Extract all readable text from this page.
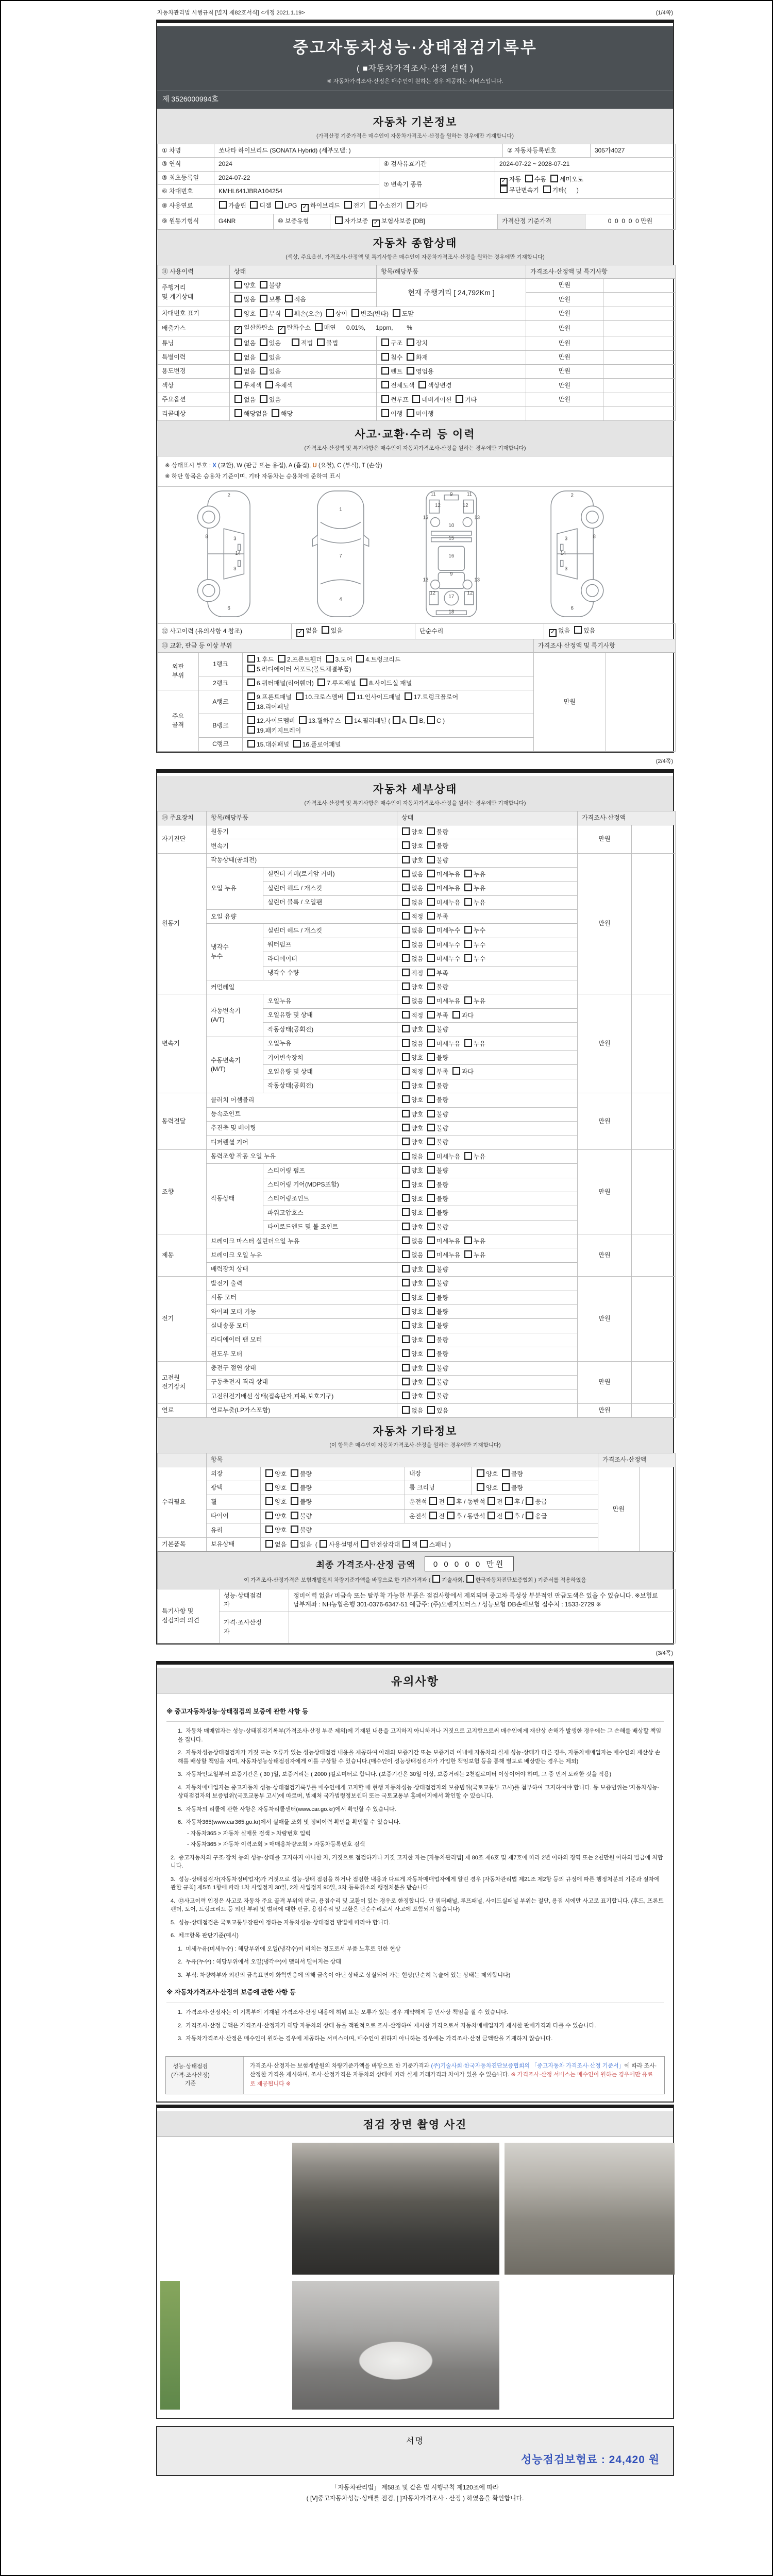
자동차관리법 시행규칙 [별지 제82호서식] <개정 2021.1.19>	(1/4쪽)
중고자동차성능·상태점검기록부
( ■자동차가격조사·산정 선택 )
※ 자동차가격조사·산정은 매수인이 원하는 경우 제공하는 서비스입니다.
제 3526000994호
자동차 기본정보
(가격산정 기준가격은 매수인이 자동차가격조사·산정을 원하는 경우에만 기재합니다)
① 차명	쏘나타 하이브리드 (SONATA Hybrid) (세부모델: )	② 자동차등록번호	305가4027
③ 연식	2024	④ 검사유효기간	2024-07-22 ~ 2028-07-21
⑤ 최초등록일	2024-07-22	⑦ 변속기 종류	✓ 자동  수동  세미오토
무단변속기  기타(      )
⑥ 차대번호	KMHL641JBRA104254		
⑧ 사용연료	가솔린  디젤  LPG  ✓ 하이브리드  전기  수소전기  기타		
⑨ 원동기형식	G4NR	⑩ 보증유형	자가보증  ✓ 보험사보증 [DB]	가격산정 기준가격	0  0  0  0  0 만원
자동차 종합상태
(색상, 주요옵션, 가격조사·산정액 및 특기사항은 매수인이 자동차가격조사·산정을 원하는 경우에만 기재합니다)
⑪ 사용이력	상태	항목/해당부품	가격조사·산정액 및 특기사항	
주행거리
및 계기상태	양호  불량	현재 주행거리 [ 24,792Km ]	만원	
	많음  보통  적음		만원	
차대번호 표기	양호  부식  훼손(오손)  상이  변조(변타)  도말		만원	
배출가스	✓ 일산화탄소  ✓ 탄화수소  매연      0.01%,      1ppm,        %		만원	
튜닝	없음  있음      적법  불법	구조  장치	만원	
특별이력	없음  있음	침수  화재	만원	
용도변경	없음  있음	렌트  영업용	만원	
색상	무채색  유채색	전체도색  색상변경	만원	
주요옵션	없음  있음	썬루프  네비게이션  기타	만원	
리콜대상	해당없음  해당	이행  미이행		
사고·교환·수리 등 이력
(가격조사·산정액 및 특기사항은 매수인이 자동차가격조사·산정을 원하는 경우에만 기재합니다)
※ 상태표시 부호 : X (교환), W (판금 또는 용접), A (흠집), U (요철), C (부식), T (손상)
※ 하단 항목은 승용차 기준이며, 기타 자동차는 승용차에 준하여 표시
2
8	3
14
3
6
1
7
4
11	9	11
12	12
13	13
10
15
16
13
9
13
12
17
12
18
2
8
3
14
3
6
⑫ 사고이력 (유의사항 4 참조)	✓ 없음  있음	단순수리	✓ 없음  있음
⑬ 교환, 판금 등 이상 부위			가격조사·산정액 및 특기사항	
외판
부위	1랭크	1.후드  2.프론트휀더  3.도어  4.트렁크리드
5.라디에이터 서포트(볼트체결부품)	만원	
	2랭크	6.쿼터패널(리어휀더)  7.루프패널  8.사이드실 패널		
주요
골격	A랭크	9.프론트패널  10.크로스멤버  11.인사이드패널  17.트렁크플로어
18.리어패널		
	B랭크	12.사이드멤버  13.휠하우스  14.필러패널 ( A, B, C )
19.패키지트레이		
	C랭크	15.대쉬패널  16.플로어패널		
(2/4쪽)
자동차 세부상태
(가격조사·산정액 및 특기사항은 매수인이 자동차가격조사·산정을 원하는 경우에만 기재합니다)
⑭ 주요장치	항목/해당부품		상태	가격조사·산정액	
자기진단	원동기		양호  불량	만원	
	변속기		양호  불량		
원동기	작동상태(공회전)		양호  불량	만원	
	오일 누유	실린더 커버(로커암 커버)	없음  미세누유  누유		
		실린더 헤드 / 개스킷	없음  미세누유  누유		
		실린더 블록 / 오일팬	없음  미세누유  누유		
	오일 유량		적정  부족		
	냉각수
누수	실린더 헤드 / 개스킷	없음  미세누수  누수		
		워터펌프	없음  미세누수  누수		
		라디에이터	없음  미세누수  누수		
		냉각수 수량	적정  부족		
	커먼레일		양호  불량		
변속기	자동변속기
(A/T)	오일누유	없음  미세누유  누유	만원	
		오일유량 및 상태	적정  부족  과다		
		작동상태(공회전)	양호  불량		
	수동변속기
(M/T)	오일누유	없음  미세누유  누유		
		기어변속장치	양호  불량		
		오일유량 및 상태	적정  부족  과다		
		작동상태(공회전)	양호  불량		
동력전달	클러치 어셈블리		양호  불량	만원	
	등속조인트		양호  불량		
	추진축 및 베어링		양호  불량		
	디퍼렌셜 기어		양호  불량		
조향	동력조향 작동 오일 누유		없음  미세누유  누유	만원	
	작동상태	스티어링 펌프	양호  불량		
		스티어링 기어(MDPS포함)	양호  불량		
		스티어링조인트	양호  불량		
		파워고압호스	양호  불량		
		타이로드엔드 및 볼 조인트	양호  불량		
제동	브레이크 마스터 실린더오일 누유		없음  미세누유  누유	만원	
	브레이크 오일 누유		없음  미세누유  누유		
	배력장치 상태		양호  불량		
전기	발전기 출력		양호  불량	만원	
	시동 모터		양호  불량		
	와이퍼 모터 기능		양호  불량		
	실내송풍 모터		양호  불량		
	라디에이터 팬 모터		양호  불량		
	윈도우 모터		양호  불량		
고전원
전기장치	충전구 절연 상태		양호  불량	만원	
	구동축전지 격리 상태		양호  불량		
	고전원전기배선 상태(접속단자,피복,보호기구)		양호  불량		
연료	연료누출(LP가스포함)		없음  있음	만원	
자동차 기타정보
(이 항목은 매수인이 자동차가격조사·산정을 원하는 경우에만 기재합니다)
	항목				가격조사·산정액	
수리필요	외장	양호  불량	내장	양호  불량	만원	
	광택	양호  불량	룸 크리닝	양호  불량		
	휠	양호  불량	운전석 전 후 / 동반석 전 후 / 응급			
	타이어	양호  불량	운전석 전 후 / 동반석 전 후 / 응급			
	유리	양호  불량				
기본품목	보유상태	없음  있음  ( 사용설명서 안전삼각대 잭 스패너 )				
최종 가격조사·산정 금액	0 0 0 0 0 만원
이 가격조사·산정가격은 보험개발원의 차량기준가액을 바탕으로 한 기준가격과 ( 기술사회, 한국자동차진단보증협회 ) 기준서를 적용하였음
특기사항 및
점검자의 의견	성능·상태점검
자	정비이력 없음/ 비금속 또는 탈부착 가능한 부품은 점검사항에서 제외되며 중고차 특성상 부분적인 판금도색은 있을 수 있습니다. ※보험료 납부계좌 : NH농협은행 301-0376-6347-51 예금주: (주)오렌지모터스 / 성능보험 DB손해보험 접수처 : 1533-2729 ※
	가격·조사산정
자	
(3/4쪽)
유의사항
※ 중고자동차성능·상태점검의 보증에 관한 사항 등
1.  자동차 매매업자는 성능·상태점검기록부(가격조사·산정 부분 제외)에 기재된 내용을 고지하지 아니하거나 거짓으로 고지함으로써 매수인에게 재산상 손해가 발생한 경우에는 그 손해를 배상할 책임을 집니다.
2.  자동차성능상태점검자가 거짓 또는 오류가 있는 성능상태점검 내용을 제공하여 아래의 보증기간 또는 보증거리 이내에 자동차의 실제 성능·상태가 다른 경우, 자동차매매업자는 매수인의 재산상 손해를 배상할 책임을 지며, 자동차성능상태점검자에게 이를 구상할 수 있습니다.(매수인이 성능상태점검자가 가입한 책임보험 등을 통해 별도로 배상받는 경우는 제외)
3.  자동차인도일부터 보증기간은 ( 30 )일, 보증거리는 ( 2000 )킬로미터로 합니다. (보증기간은 30일 이상, 보증거리는 2천킬로미터 이상이어야 하며, 그 중 먼저 도래한 것을 적용)
4.  자동차매매업자는 중고자동차 성능·상태점검기록부를 매수인에게 고지할 때 현행 자동차성능·상태점검자의 보증범위(국토교통부 고시)를 첨부하여 고지하여야 합니다. 동 보증범위는 '자동차성능·상태점검자의 보증범위'(국토교통부 고시)에 따르며, 법제처 국가법령정보센터 또는 국토교통부 홈페이지에서 확인할 수 있습니다.
5.  자동차의 리콜에 관한 사항은 자동차리콜센터(www.car.go.kr)에서 확인할 수 있습니다.
6.  자동차365(www.car365.go.kr)에서 실매물 조회 및 정비이력 확인을 확인할 수 있습니다.
- 자동차365 > 자동차 실매물 검색 > 차량번호 입력
- 자동차365 > 자동차 이력조회 > 매매용차량조회 > 자동차등록번호 검색
2.  중고자동차의 구조·장치 등의 성능·상태를 고지하지 아니한 자, 거짓으로 점검하거나 거짓 고지한 자는 [자동차관리법] 제 80조 제6호 및 제7호에 따라 2년 이하의 징역 또는 2천만원 이하의 벌금에 처합니다.
3.  성능·상태점검자(자동차정비업자)가 거짓으로 성능·상태 점검을 하거나 점검한 내용과 다르게 자동차매매업자에게 알린 경우 [자동차관리법 제21조 제2항 등의 규정에 따른 행정처분의 기준과 절차에 관한 규칙] 제5조 1항에 따라 1차 사업정지 30일, 2차 사업정지 90일, 3차 등록취소의 행정처분을 받습니다.
4.  ⑫사고이력 인정은 사고로 자동차 주요 골격 부위의 판금, 용접수리 및 교환이 있는 경우로 한정합니다. 단 쿼터패널, 루프패널, 사이드실패널 부위는 절단, 용접 시에만 사고로 표기합니다. (후드, 프론트펜더, 도어, 트렁크리드 등 외판 부위 및 범퍼에 대한 판금, 용접수리 및 교환은 단순수리로서 사고에 포함되지 않습니다)
5.  성능·상태점검은 국토교통부장관이 정하는 자동차성능·상태점검 방법에 따라야 합니다.
6.  체크항목 판단기준(예시)
1.  미세누유(미세누수) : 해당부위에 오일(냉각수)이 비치는 정도로서 부품 노후로 인한 현상
2.  누유(누수) : 해당부위에서 오일(냉각수)이 맺혀서 떨어지는 상태
3.  부식: 차량하부와 외판의 금속표면이 화학반응에 의해 금속이 아닌 상태로 상실되어 가는 현상(단순히 녹슬어 있는 상태는 제외합니다)
※ 자동차가격조사·산정의 보증에 관한 사항 등
1.  가격조사·산정자는 이 기록부에 기재된 가격조사·산정 내용에 허위 또는 오류가 있는 경우 계약해제 등 민사상 책임을 질 수 있습니다.
2.  가격조사·산정 금액은 가격조사·산정자가 해당 자동차의 상태 등을 객관적으로 조사·산정하여 제시한 가격으로서 자동차매매업자가 제시한 판매가격과 다를 수 있습니다.
3.  자동차가격조사·산정은 매수인이 원하는 경우에 제공하는 서비스이며, 매수인이 원하지 아니하는 경우에는 가격조사·산정 금액란을 기재하지 않습니다.
성능·상태점검
(가격·조사산정)
기준
가격조사·산정자는 보험개발원의 차량기준가액을 바탕으로 한 기준가격과 (주)기술사회·한국자동차진단보증협회의 「중고자동차 가격조사·산정 기준서」에 따라 조사·산정한 가격을 제시하며, 조사·산정가격은 자동차의 상태에 따라 실제 거래가격과 차이가 있을 수 있습니다. ※ 가격조사·산정 서비스는 매수인이 원하는 경우에만 유료로 제공됩니다 ※
점검 장면 촬영 사진
서명
성능점검보험료 : 24,420 원
「자동차관리법」 제58조 및 같은 법 시행규칙 제120조에 따라
( [V]중고자동차성능·상태를 점검, [ ]자동차가격조사 · 산정 ) 하였음을 확인합니다.
